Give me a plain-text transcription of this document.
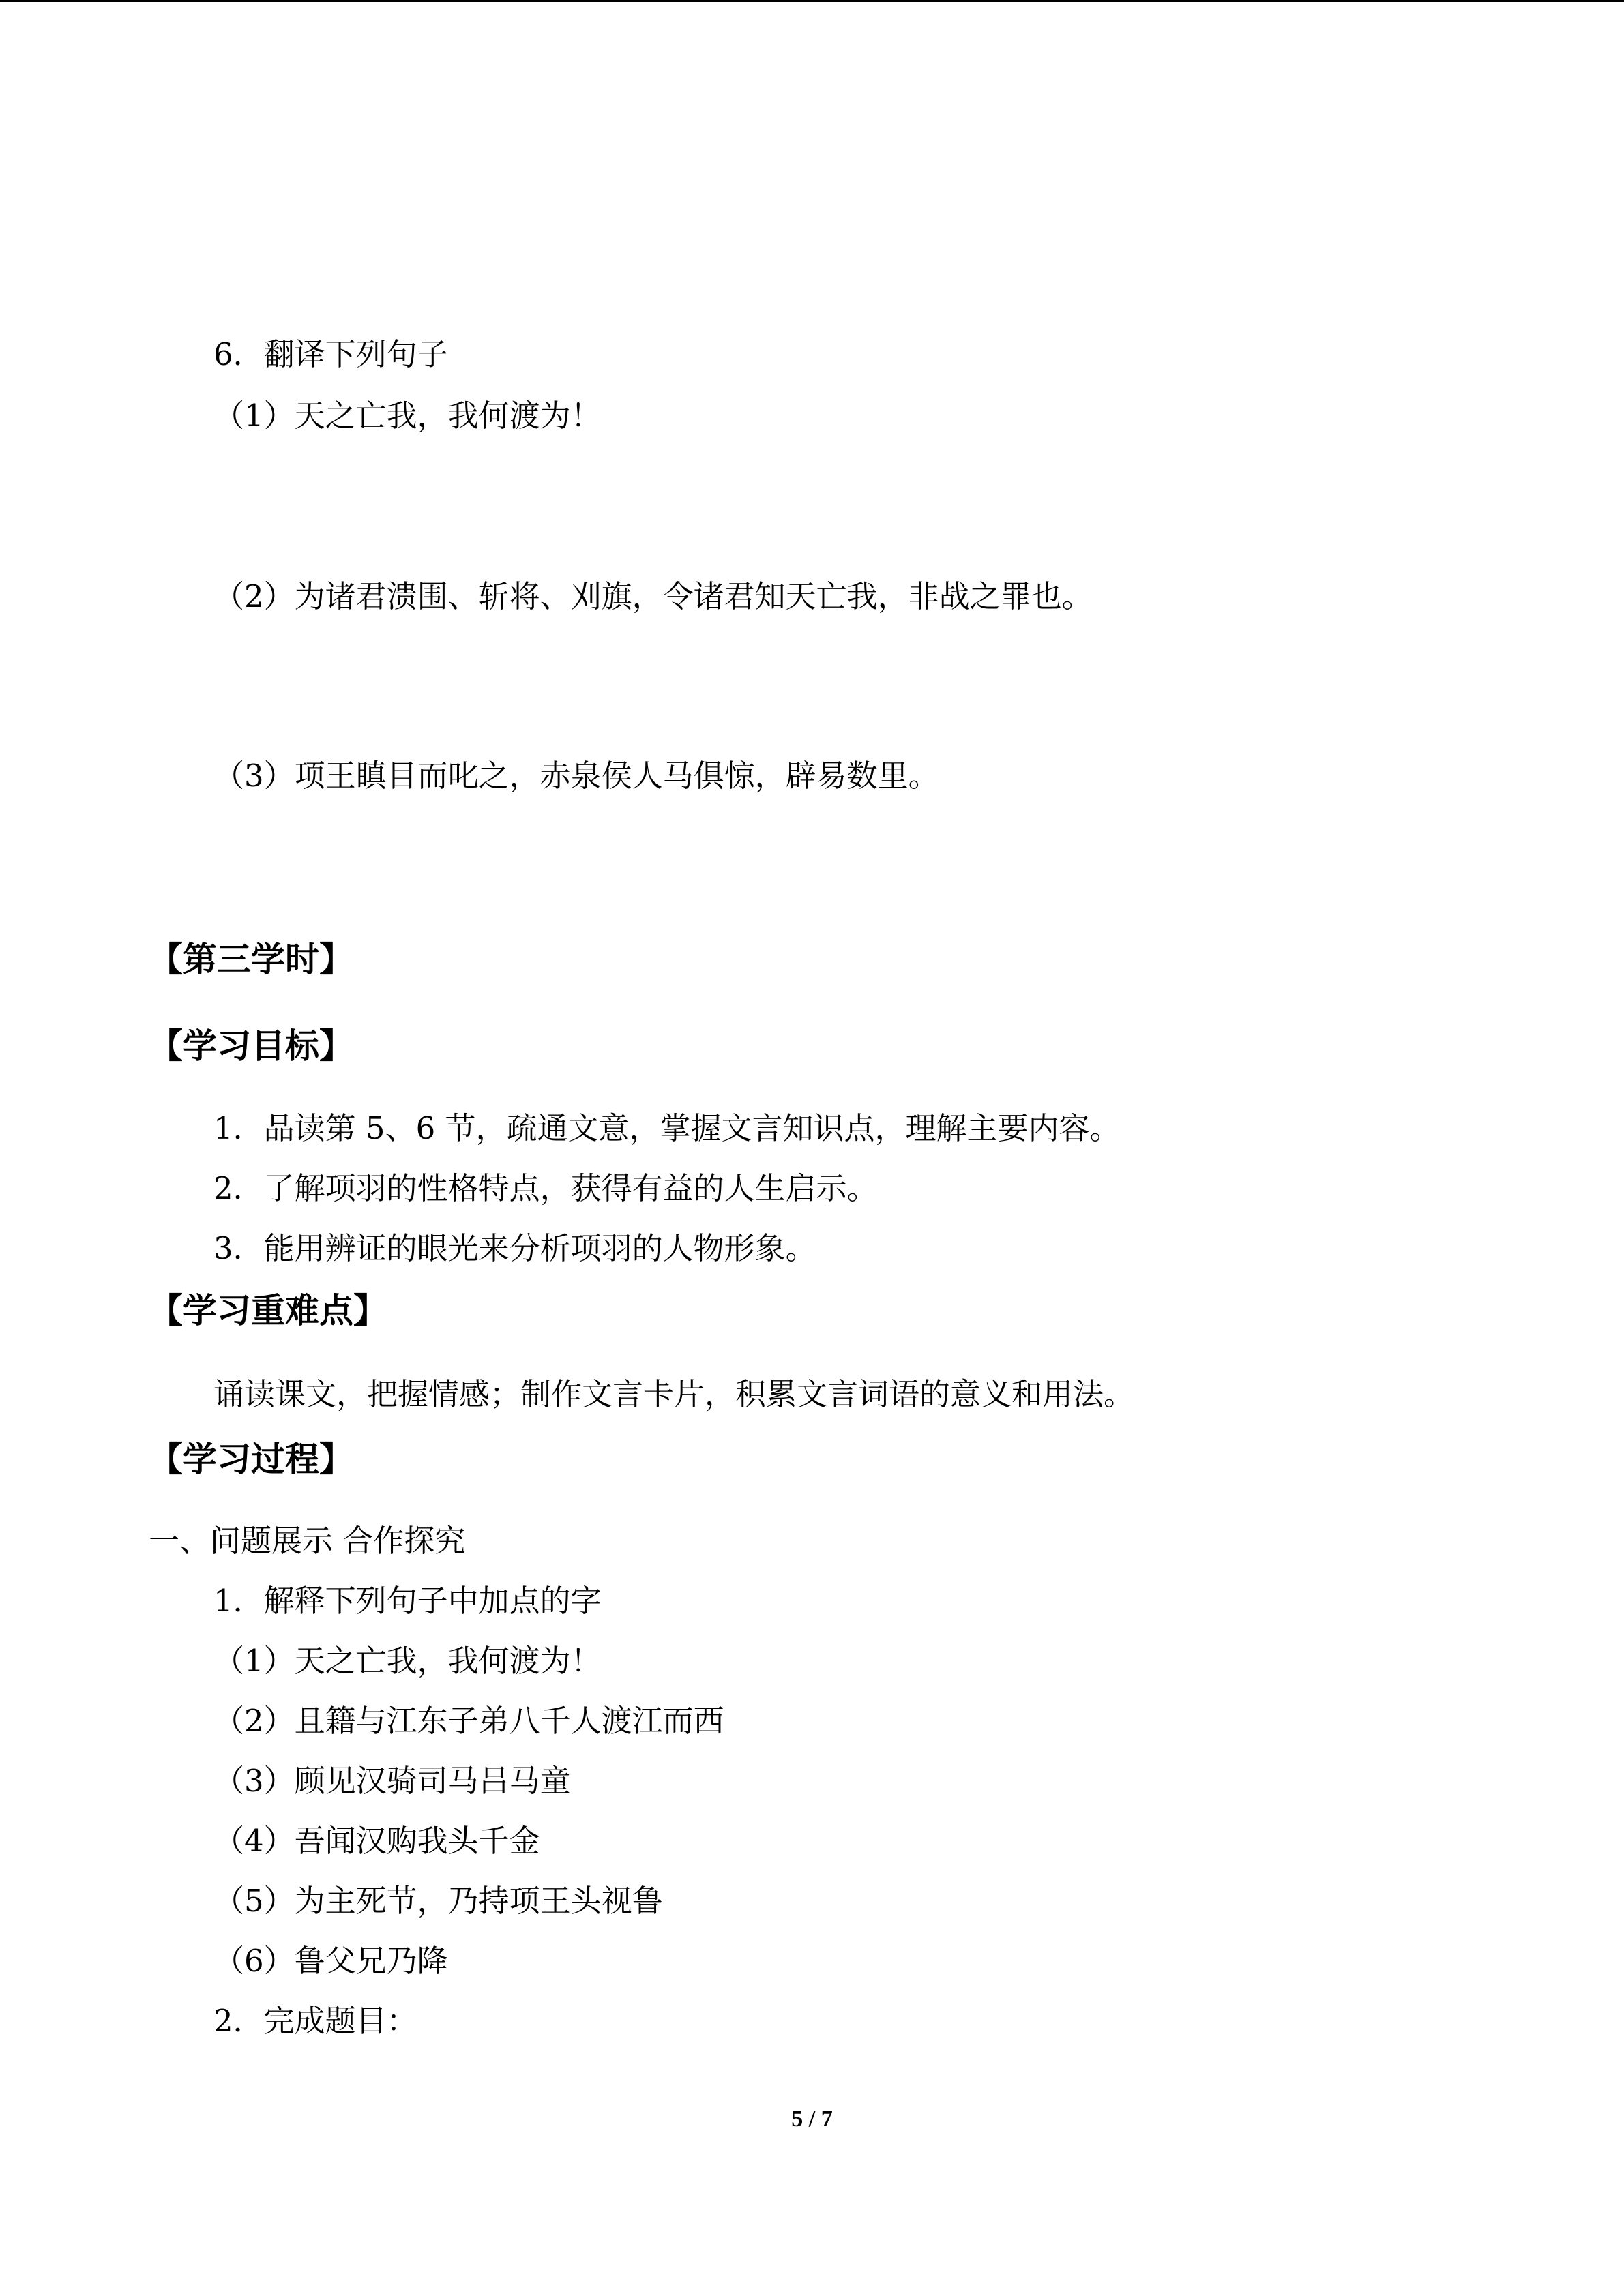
6．翻译下列句子
（1）天之亡我，我何渡为！
（2）为诸君溃围、斩将、刈旗，令诸君知天亡我，非战之罪也。
（3）项王瞋目而叱之，赤泉侯人马俱惊，辟易数里。
【第三学时】
【学习目标】
1．品读第 5、6 节，疏通文意，掌握文言知识点，理解主要内容。
2．了解项羽的性格特点，获得有益的人生启示。
3．能用辨证的眼光来分析项羽的人物形象。
【学习重难点】
诵读课文，把握情感；制作文言卡片，积累文言词语的意义和用法。
【学习过程】
一、问题展示 合作探究
1．解释下列句子中加点的字
（1）天之亡我，我何渡为！
（2）且籍与江东子弟八千人渡江而西
（3）顾见汉骑司马吕马童
（4）吾闻汉购我头千金
（5）为主死节，乃持项王头视鲁
（6）鲁父兄乃降
2．完成题目：
5 / 7
